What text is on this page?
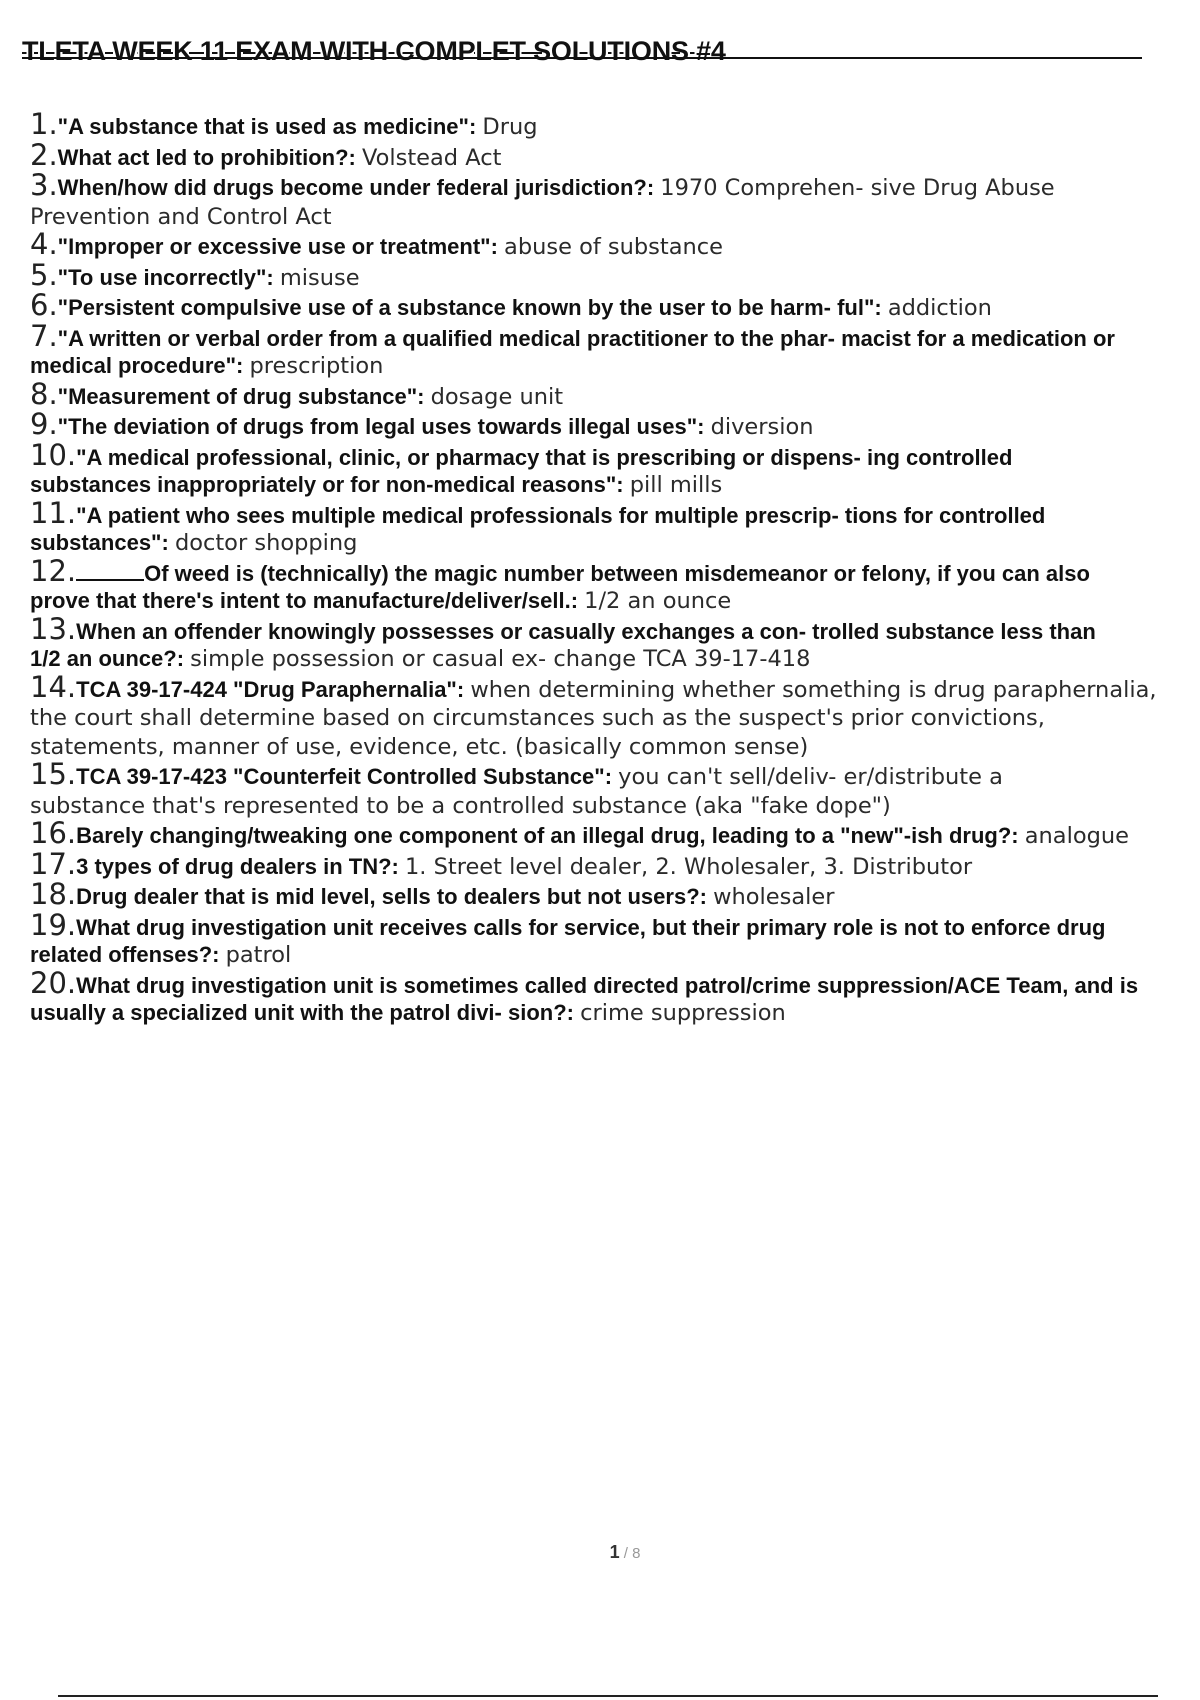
TLETA WEEK 11 EXAM WITH COMPLET SOLUTIONS #4
1."A substance that is used as medicine": Drug
2.What act led to prohibition?: Volstead Act
3.When/how did drugs become under federal jurisdiction?: 1970 Comprehen- sive Drug Abuse Prevention and Control Act
4."Improper or excessive use or treatment": abuse of substance
5."To use incorrectly": misuse
6."Persistent compulsive use of a substance known by the user to be harm- ful": addiction
7."A written or verbal order from a qualified medical practitioner to the phar- macist for a medication or medical procedure": prescription
8."Measurement of drug substance": dosage unit
9."The deviation of drugs from legal uses towards illegal uses": diversion
10."A medical professional, clinic, or pharmacy that is prescribing or dispens- ing controlled substances inappropriately or for non-medical reasons": pill mills
11."A patient who sees multiple medical professionals for multiple prescrip- tions for controlled substances": doctor shopping
12.	Of weed is (technically) the magic number between misdemeanor or felony, if you can also
prove that there's intent to manufacture/deliver/sell.: 1/2 an ounce
13.When an offender knowingly possesses or casually exchanges a con- trolled substance less than 1/2 an ounce?: simple possession or casual ex- change TCA 39-17-418
14.TCA 39-17-424 "Drug Paraphernalia": when determining whether something is drug paraphernalia, the court shall determine based on circumstances such as the suspect's prior convictions, statements, manner of use, evidence, etc. (basically common sense)
15.TCA 39-17-423 "Counterfeit Controlled Substance": you can't sell/deliv- er/distribute a substance that's represented to be a controlled substance (aka "fake dope")
16.Barely changing/tweaking one component of an illegal drug, leading to a "new"-ish drug?: analogue
17.3 types of drug dealers in TN?: 1. Street level dealer, 2. Wholesaler, 3. Distributor
18.Drug dealer that is mid level, sells to dealers but not users?: wholesaler
19.What drug investigation unit receives calls for service, but their primary role is not to enforce drug related offenses?: patrol
20.What drug investigation unit is sometimes called directed patrol/crime suppression/ACE Team, and is usually a specialized unit with the patrol divi- sion?: crime suppression
1 / 8
